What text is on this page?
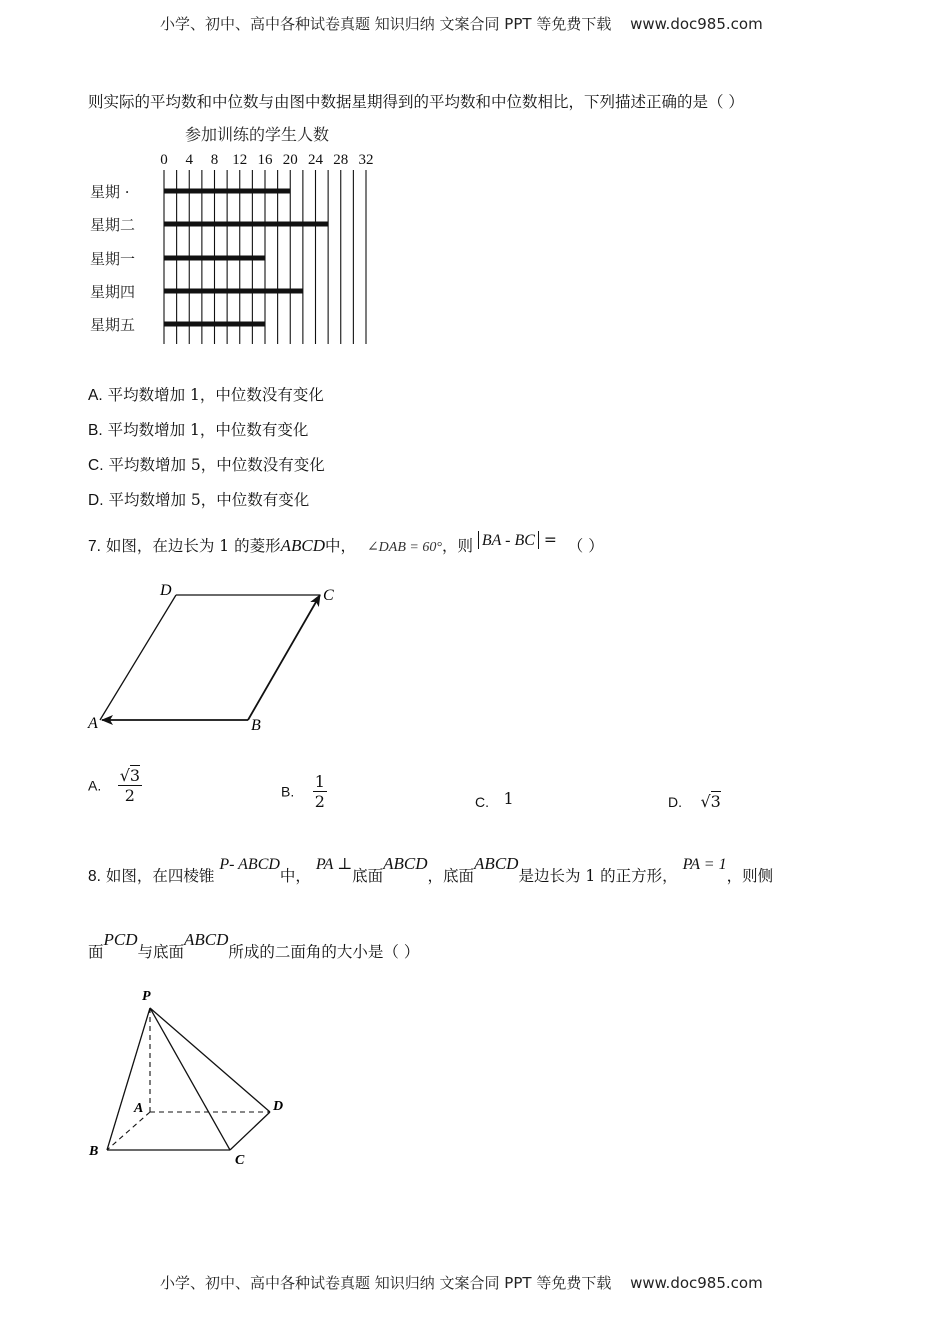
小学、初中、高中各种试卷真题 知识归纳 文案合同 PPT 等免费下载 www.doc985.com
则实际的平均数和中位数与由图中数据星期得到的平均数和中位数相比，下列描述正确的是（ ）
参加训练的学生人数
0 4 8 12 16 20 24 28 32
星期 ·
星期二
星期一
星期四
星期五
A. 平均数增加 1，中位数没有变化
B. 平均数增加 1，中位数有变化
C. 平均数增加 5，中位数没有变化
D. 平均数增加 5，中位数有变化
7. 如图，在边长为 1 的菱形ABCD中， ∠DAB = 60°，则 BA - BC = （ ）
A	B
C
D
A. $\frac{√3}{2}$	B. $\frac{1}{2}$	C. 1	D. √3
8. 如图，在四棱锥 P- ABCD中， PA ⊥底面ABCD，底面ABCD是边长为 1 的正方形， PA = 1，则侧
面PCD与底面ABCD所成的二面角的大小是（ ）
P
A
B
C
D
小学、初中、高中各种试卷真题 知识归纳 文案合同 PPT 等免费下载 www.doc985.com
